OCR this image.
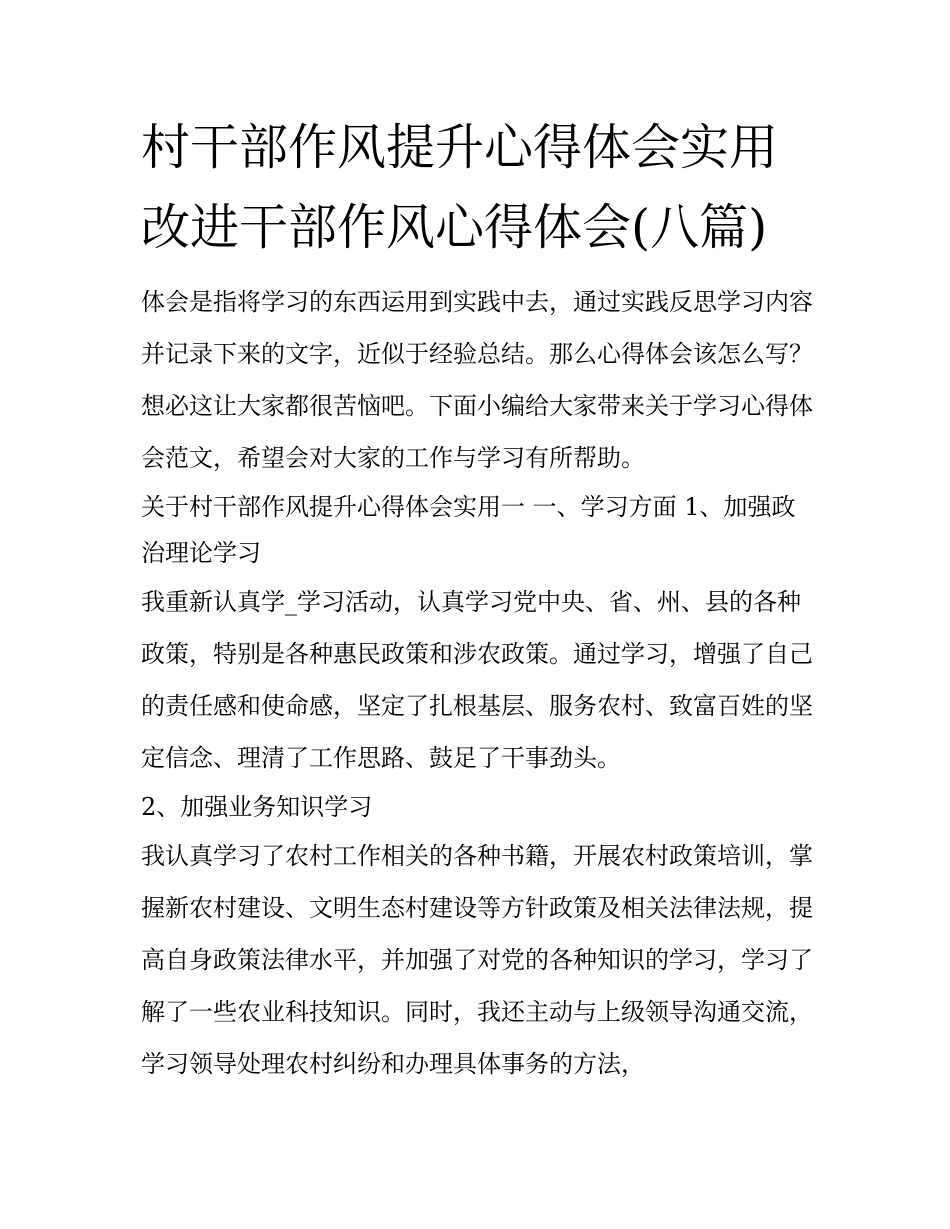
村干部作风提升心得体会实用改进干部作风心得体会(八篇)

体会是指将学习的东西运用到实践中去，通过实践反思学习内容并记录下来的文字，近似于经验总结。那么心得体会该怎么写？想必这让大家都很苦恼吧。下面小编给大家带来关于学习心得体会范文，希望会对大家的工作与学习有所帮助。

关于村干部作风提升心得体会实用一 一、学习方面 1、加强政治理论学习

我重新认真学_学习活动，认真学习党中央、省、州、县的各种政策，特别是各种惠民政策和涉农政策。通过学习，增强了自己的责任感和使命感，坚定了扎根基层、服务农村、致富百姓的坚定信念、理清了工作思路、鼓足了干事劲头。

2、加强业务知识学习

我认真学习了农村工作相关的各种书籍，开展农村政策培训，掌握新农村建设、文明生态村建设等方针政策及相关法律法规，提高自身政策法律水平，并加强了对党的各种知识的学习，学习了解了一些农业科技知识。同时，我还主动与上级领导沟通交流，学习领导处理农村纠纷和办理具体事务的方法，
